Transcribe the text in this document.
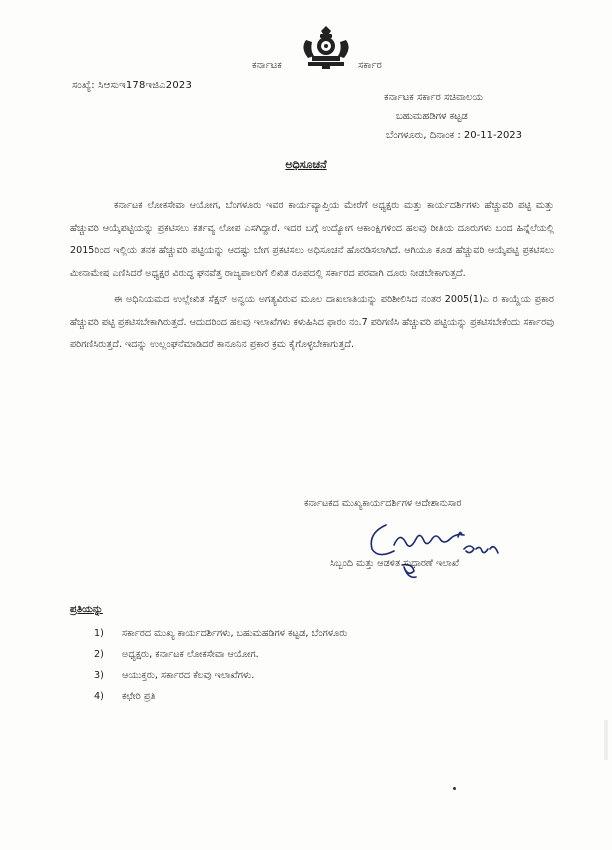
ಕರ್ನಾಟಕ	ಸರ್ಕಾರ
ಸಂಖ್ಯೆ: ಸಿಆಸುಇ178ಇಜಿಎ2023
ಕರ್ನಾಟಕ ಸರ್ಕಾರ ಸಚಿವಾಲಯ
ಬಹುಮಹಡಿಗಳ ಕಟ್ಟಡ
ಬೆಂಗಳೂರು, ದಿನಾಂಕ : 20-11-2023
ಅಧಿಸೂಚನೆ

ಕರ್ನಾಟಕ ಲೋಕಸೇವಾ ಆಯೋಗ, ಬೆಂಗಳೂರು ಇವರ ಕಾರ್ಯವ್ಯಾಪ್ತಿಯ ಮೇರೆಗೆ ಅಧ್ಯಕ್ಷರು ಮತ್ತು ಕಾರ್ಯದರ್ಶಿಗಳು ಹೆಚ್ಚುವರಿ ಪಟ್ಟಿ ಮತ್ತು ಹೆಚ್ಚುವರಿ ಆಯ್ಕೆಪಟ್ಟಿಯನ್ನು ಪ್ರಕಟಿಸಲು ಕರ್ತವ್ಯ ಲೋಪ ಎಸಗಿದ್ದಾರೆ. ಇದರ ಬಗ್ಗೆ ಉದ್ಯೋಗ ಆಕಾಂಕ್ಷಿಗಳಿಂದ ಹಲವು ರೀತಿಯ ದೂರುಗಳು ಬಂದ ಹಿನ್ನೆಲೆಯಲ್ಲಿ 2015ರಿಂದ ಇಲ್ಲಿಯ ತನಕ ಹೆಚ್ಚುವರಿ ಪಟ್ಟಿಯನ್ನು ಆದಷ್ಟು ಬೇಗ ಪ್ರಕಟಿಸಲು ಅಧಿಸೂಚನೆ ಹೊರಡಿಸಲಾಗಿದೆ. ಆಗಿಯೂ ಕೂಡ ಹೆಚ್ಚುವರಿ ಆಯ್ಕೆಪಟ್ಟಿ ಪ್ರಕಟಿಸಲು ಮೀನಾಮೇಷ ಎಣಿಸಿದರೆ ಅಧ್ಯಕ್ಷರ ವಿರುದ್ಧ ಘನವೆತ್ತ ರಾಜ್ಯಪಾಲರಿಗೆ ಲಿಖಿತ ರೂಪದಲ್ಲಿ ಸರ್ಕಾರದ ಪರವಾಗಿ ದೂರು ನೀಡಬೇಕಾಗುತ್ತದೆ.

ಈ ಅಧಿನಿಯಮದ ಉಲ್ಲೇಖಿತ ಸೆಕ್ಷನ್ ಅನ್ವಯ ಅಗತ್ಯವಿರುವ ಮೂಲ ದಾಖಲಾತಿಯನ್ನು ಪರಿಶೀಲಿಸಿದ ನಂತರ 2005(1)ಎ ರ ಕಾಯ್ದೆಯ ಪ್ರಕಾರ ಹೆಚ್ಚುವರಿ ಪಟ್ಟಿ ಪ್ರಕಟಿಸಬೇಕಾಗಿರುತ್ತದೆ. ಆದುದರಿಂದ ಹಲವು ಇಲಾಖೆಗಳು ಕಳುಹಿಸಿದ ಫಾರಂ ನಂ.7 ಪರಿಗಣಿಸಿ ಹೆಚ್ಚುವರಿ ಪಟ್ಟಿಯನ್ನು ಪ್ರಕಟಿಸಬೇಕೆಂದು ಸರ್ಕಾರವು ಪರಿಗಣಿಸಿರುತ್ತದೆ. ಇದನ್ನು ಉಲ್ಲಂಘನೆಮಾಡಿದರೆ ಕಾನೂನಿನ ಪ್ರಕಾರ ಕ್ರಮ ಕೈಗೊಳ್ಳಬೇಕಾಗುತ್ತದೆ.

ಕರ್ನಾಟಕದ ಮುಖ್ಯಕಾರ್ಯದರ್ಶಿಗಳ ಆದೇಶಾನುಸಾರ
ಸಿಬ್ಬಂದಿ ಮತ್ತು ಆಡಳಿತ ಸುಧಾರಣೆ ಇಲಾಖೆ
ಪ್ರತಿಯನ್ನು
1) ಸರ್ಕಾರದ ಮುಖ್ಯ ಕಾರ್ಯದರ್ಶಿಗಳು, ಬಹುಮಹಡಿಗಳ ಕಟ್ಟಡ, ಬೆಂಗಳೂರು
2) ಅಧ್ಯಕ್ಷರು, ಕರ್ನಾಟಕ ಲೋಕಸೇವಾ ಆಯೋಗ.
3) ಆಯುಕ್ತರು, ಸರ್ಕಾರದ ಕೆಲವು ಇಲಾಖೆಗಳು.
4) ಕಛೇರಿ ಪ್ರತಿ
